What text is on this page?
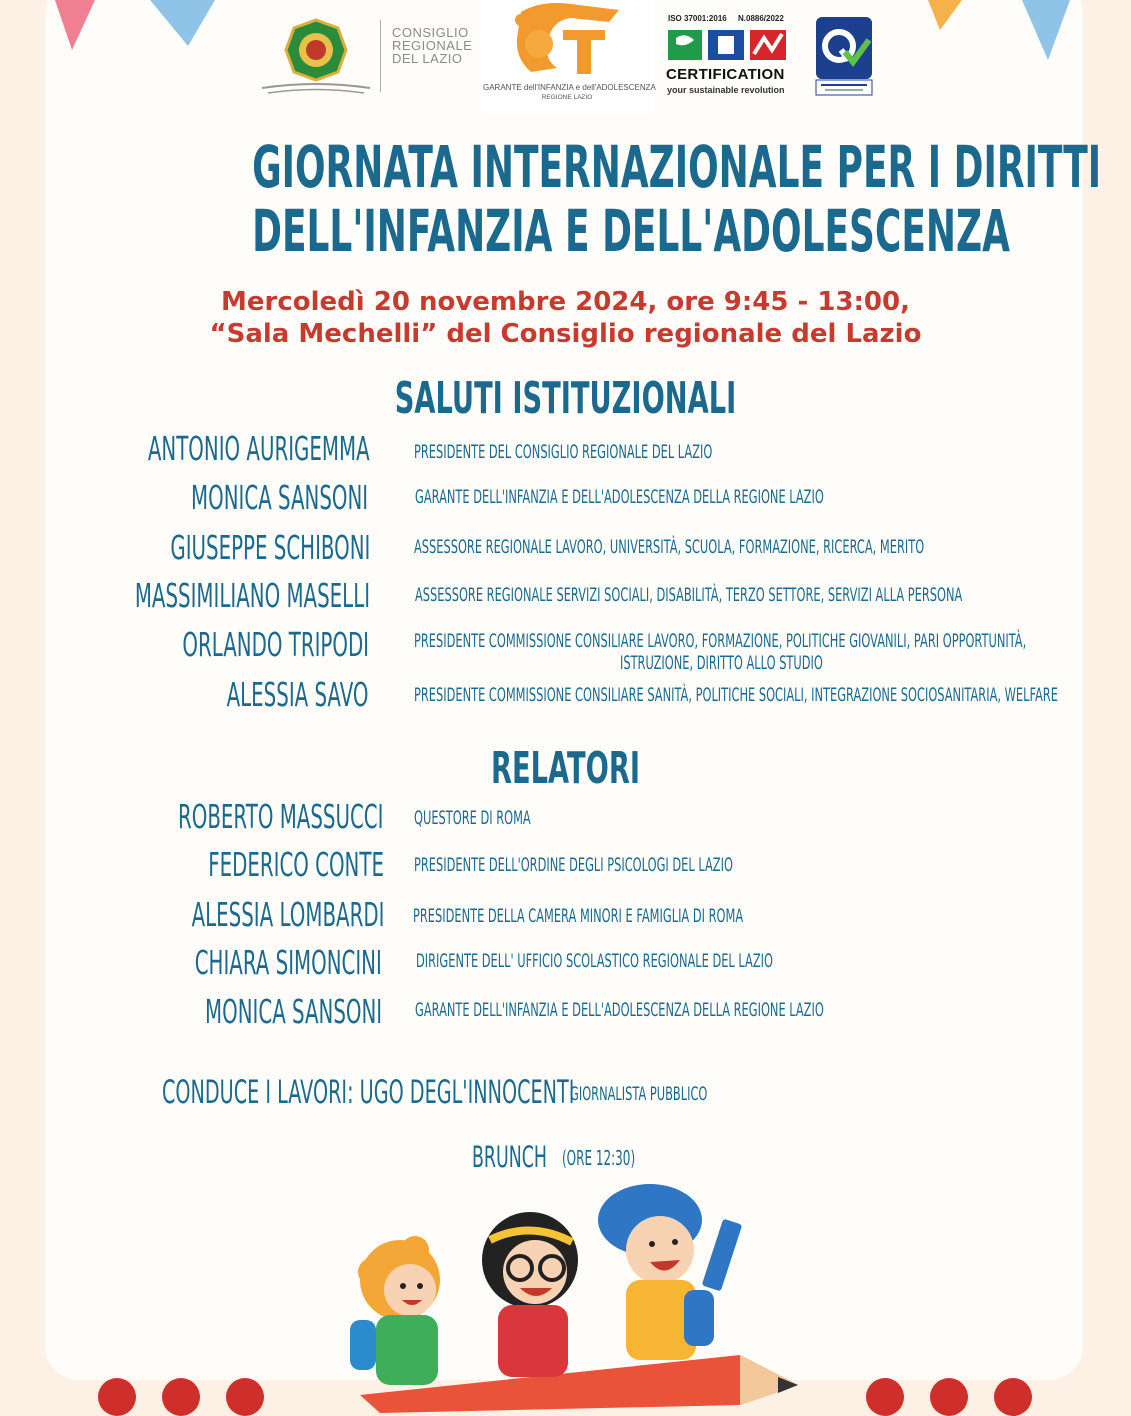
CONSIGLIO
REGIONALE
DEL LAZIO
GARANTE dell'INFANZIA e dell'ADOLESCENZA
REGIONE LAZIO
ISO 37001:2016 N.0886/2022
CERTIFICATION
your sustainable revolution
GIORNATA INTERNAZIONALE PER I DIRITTI
DELL'INFANZIA E DELL'ADOLESCENZA
Mercoledì 20 novembre 2024, ore 9:45 - 13:00,
“Sala Mechelli” del Consiglio regionale del Lazio
SALUTI ISTITUZIONALI
ANTONIO AURIGEMMA PRESIDENTE DEL CONSIGLIO REGIONALE DEL LAZIO
MONICA SANSONI GARANTE DELL'INFANZIA E DELL'ADOLESCENZA DELLA REGIONE LAZIO
GIUSEPPE SCHIBONI ASSESSORE REGIONALE LAVORO, UNIVERSITÀ, SCUOLA, FORMAZIONE, RICERCA, MERITO
MASSIMILIANO MASELLI ASSESSORE REGIONALE SERVIZI SOCIALI, DISABILITÀ, TERZO SETTORE, SERVIZI ALLA PERSONA
ORLANDO TRIPODI PRESIDENTE COMMISSIONE CONSILIARE LAVORO, FORMAZIONE, POLITICHE GIOVANILI, PARI OPPORTUNITÀ,
ISTRUZIONE, DIRITTO ALLO STUDIO
ALESSIA SAVO PRESIDENTE COMMISSIONE CONSILIARE SANITÀ, POLITICHE SOCIALI, INTEGRAZIONE SOCIOSANITARIA, WELFARE
RELATORI
ROBERTO MASSUCCI QUESTORE DI ROMA
FEDERICO CONTE PRESIDENTE DELL'ORDINE DEGLI PSICOLOGI DEL LAZIO
ALESSIA LOMBARDI PRESIDENTE DELLA CAMERA MINORI E FAMIGLIA DI ROMA
CHIARA SIMONCINI DIRIGENTE DELL' UFFICIO SCOLASTICO REGIONALE DEL LAZIO
MONICA SANSONI GARANTE DELL'INFANZIA E DELL'ADOLESCENZA DELLA REGIONE LAZIO
CONDUCE I LAVORI: UGO DEGL'INNOCENTI
GIORNALISTA PUBBLICO
BRUNCH (ORE 12:30)
